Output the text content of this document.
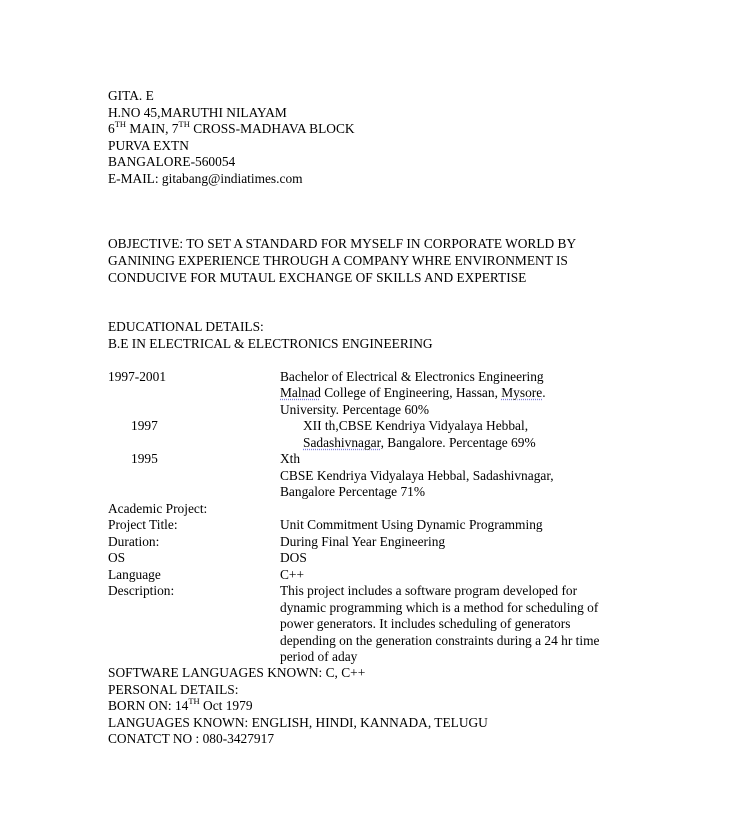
GITA. E
H.NO 45,MARUTHI NILAYAM
6TH MAIN, 7TH CROSS-MADHAVA BLOCK
PURVA EXTN
BANGALORE-560054
E-MAIL: gitabang@indiatimes.com
OBJECTIVE: TO SET A STANDARD FOR MYSELF IN CORPORATE WORLD BY
GANINING EXPERIENCE THROUGH A COMPANY WHRE ENVIRONMENT IS
CONDUCIVE FOR MUTAUL EXCHANGE OF SKILLS AND EXPERTISE
EDUCATIONAL DETAILS:
B.E IN ELECTRICAL & ELECTRONICS ENGINEERING
1997-2001	Bachelor of Electrical & Electronics Engineering
Malnad College of Engineering, Hassan, Mysore.
University. Percentage 60%
1997	XII th,CBSE Kendriya Vidyalaya Hebbal,
Sadashivnagar, Bangalore. Percentage 69%
1995	Xth
CBSE Kendriya Vidyalaya Hebbal, Sadashivnagar,
Bangalore Percentage 71%
Academic Project:
Project Title:	Unit Commitment Using Dynamic Programming
Duration:	During Final Year Engineering
OS	DOS
Language	C++
Description:	This project includes a software program developed for
dynamic programming which is a method for scheduling of
power generators. It includes scheduling of generators
depending on the generation constraints during a 24 hr time
period of aday
SOFTWARE LANGUAGES KNOWN: C, C++
PERSONAL DETAILS:
BORN ON: 14TH Oct 1979
LANGUAGES KNOWN: ENGLISH, HINDI, KANNADA, TELUGU
CONATCT NO : 080-3427917
